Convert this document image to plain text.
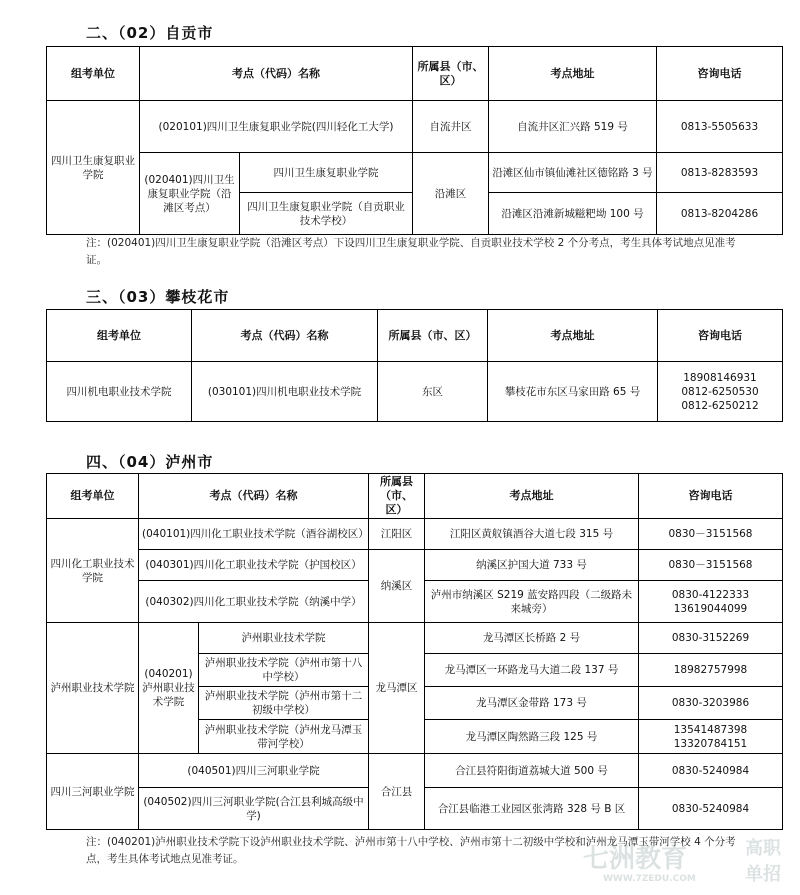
二、（02）自贡市
组考单位	考点（代码）名称		所属县（市、区）	考点地址	咨询电话
四川卫生康复职业学院	(020101)四川卫生康复职业学院(四川轻化工大学)		自流井区	自流井区汇兴路 519 号	0813-5505633
	(020401)四川卫生康复职业学院（沿滩区考点）	四川卫生康复职业学院	沿滩区	沿滩区仙市镇仙滩社区德铭路 3 号	0813-8283593
		四川卫生康复职业学院（自贡职业技术学校）		沿滩区沿滩新城糍粑坳 100 号	0813-8204286
注：(020401)四川卫生康复职业学院（沿滩区考点）下设四川卫生康复职业学院、自贡职业技术学校 2 个分考点，考生具体考试地点见准考证。
三、（03）攀枝花市
组考单位	考点（代码）名称	所属县（市、区）	考点地址	咨询电话
四川机电职业技术学院	(030101)四川机电职业技术学院	东区	攀枝花市东区马家田路 65 号	18908146931
0812-6250530
0812-6250212
四、（04）泸州市
组考单位	考点（代码）名称		所属县（市、区）	考点地址	咨询电话
四川化工职业技术学院	(040101)四川化工职业技术学院（酒谷湖校区）		江阳区	江阳区黄舣镇酒谷大道七段 315 号	0830－3151568
	(040301)四川化工职业技术学院（护国校区）		纳溪区	纳溪区护国大道 733 号	0830－3151568
	(040302)四川化工职业技术学院（纳溪中学）			泸州市纳溪区 S219 蓝安路四段（二级路未来城旁）	0830-4122333
13619044099

泸州职业技术学院	(040201)泸州职业技术学院	泸州职业技术学院	龙马潭区	龙马潭区长桥路 2 号	0830-3152269
		泸州职业技术学院（泸州市第十八中学校）		龙马潭区一环路龙马大道二段 137 号	18982757998
		泸州职业技术学院（泸州市第十二初级中学校）		龙马潭区金带路 173 号	0830-3203986
		泸州职业技术学院（泸州龙马潭玉带河学校）		龙马潭区陶然路三段 125 号	13541487398
13320784151

四川三河职业学院	(040501)四川三河职业学院		合江县	合江县符阳街道荔城大道 500 号	0830-5240984
	(040502)四川三河职业学院(合江县利城高级中学)			合江县临港工业园区张湾路 328 号 B 区	0830-5240984
注：(040201)泸州职业技术学院下设泸州职业技术学院、泸州市第十八中学校、泸州市第十二初级中学校和泸州龙马潭玉带河学校 4 个分考点，考生具体考试地点见准考证。	七洲教育	高职
单招
WWW.7ZEDU.COM
